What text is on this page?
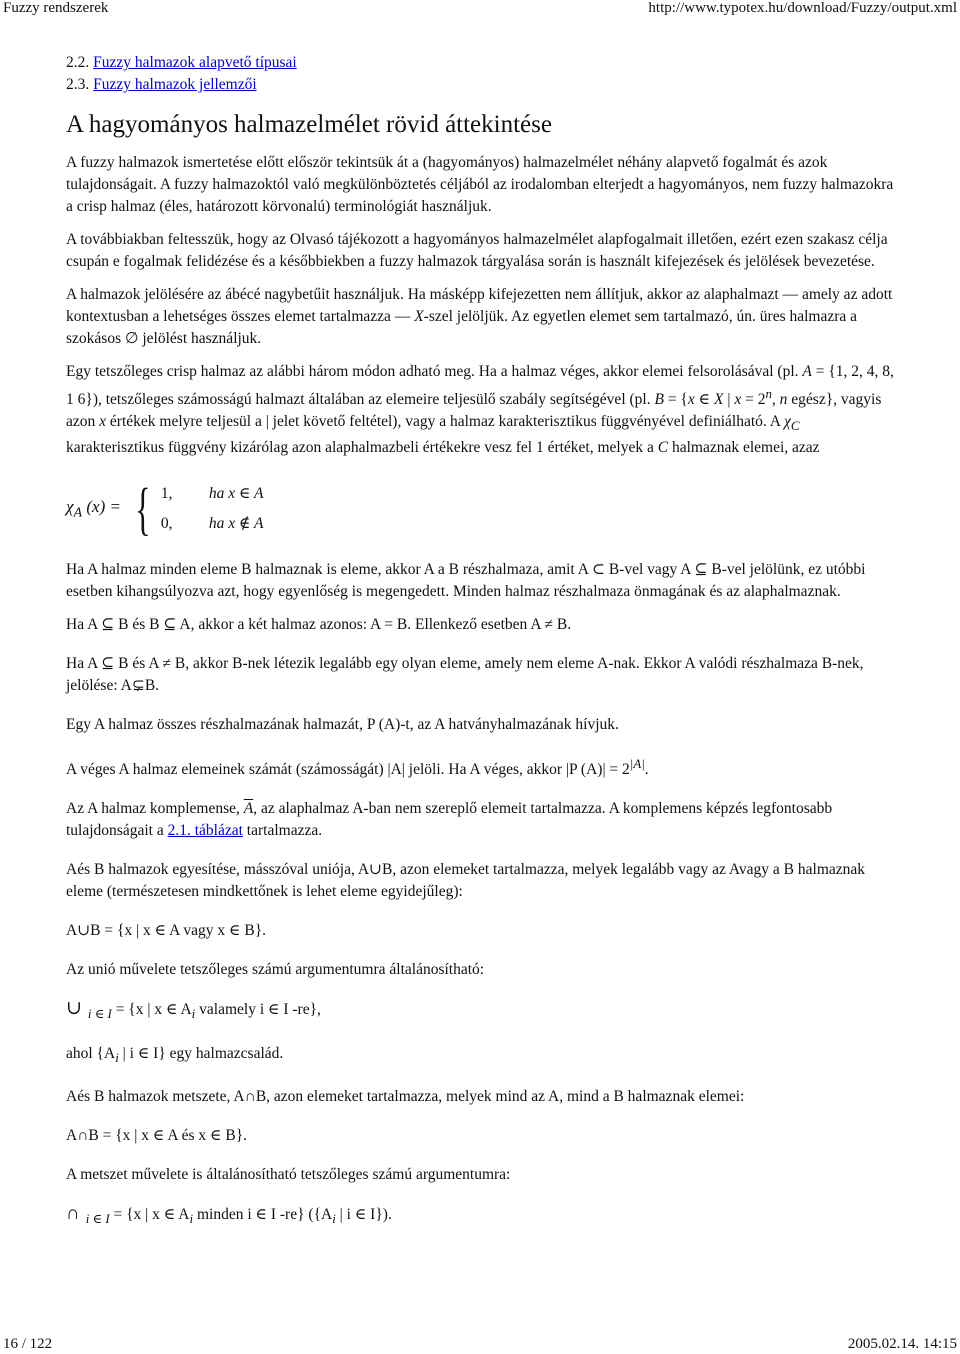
Fuzzy rendszerek	http://www.typotex.hu/download/Fuzzy/output.xml
2.2. Fuzzy halmazok alapvető típusai
2.3. Fuzzy halmazok jellemzői
A hagyományos halmazelmélet rövid áttekintése

A fuzzy halmazok ismertetése előtt először tekintsük át a (hagyományos) halmazelmélet néhány alapvető fogalmát és azok tulajdonságait. A fuzzy halmazoktól való megkülönböztetés céljából az irodalomban elterjedt a hagyományos, nem fuzzy halmazokra a crisp halmaz (éles, határozott körvonalú) terminológiát használjuk.

A továbbiakban feltesszük, hogy az Olvasó tájékozott a hagyományos halmazelmélet alapfogalmait illetően, ezért ezen szakasz célja csupán e fogalmak felidézése és a későbbiekben a fuzzy halmazok tárgyalása során is használt kifejezések és jelölések bevezetése.

A halmazok jelölésére az ábécé nagybetűit használjuk. Ha másképp kifejezetten nem állítjuk, akkor az alaphalmazt — amely az adott kontextusban a lehetséges összes elemet tartalmazza — X-szel jelöljük. Az egyetlen elemet sem tartalmazó, ún. üres halmazra a szokásos ∅ jelölést használjuk.

Egy tetszőleges crisp halmaz az alábbi három módon adható meg. Ha a halmaz véges, akkor elemei felsorolásával (pl. A = {1, 2, 4, 8, 1 6}), tetszőleges számosságú halmazt általában az elemeire teljesülő szabály segítségével (pl. B = {x ∈ X | $x = 2^n$, n egész}, vagyis azon x értékek melyre teljesül a | jelet követő feltétel), vagy a halmaz karakterisztikus függvényével definiálható. A $\chi_C$ karakterisztikus függvény kizárólag azon alaphalmazbeli értékekre vesz fel 1 értéket, melyek a C halmaznak elemei, azaz

$\chi_A$ (x) = { 1,	ha x ∈ A
0,	ha x ∉ A

Ha A halmaz minden eleme B halmaznak is eleme, akkor A a B részhalmaza, amit A ⊂ B-vel vagy A ⊆ B-vel jelölünk, ez utóbbi esetben kihangsúlyozva azt, hogy egyenlőség is megengedett. Minden halmaz részhalmaza önmagának és az alaphalmaznak.

Ha A ⊆ B és B ⊆ A, akkor a két halmaz azonos: A = B. Ellenkező esetben A ≠ B.

Ha A ⊆ B és A ≠ B, akkor B-nek létezik legalább egy olyan eleme, amely nem eleme A-nak. Ekkor A valódi részhalmaza B-nek, jelölése: A⊊B.

Egy A halmaz összes részhalmazának halmazát, P (A)-t, az A hatványhalmazának hívjuk.

A véges A halmaz elemeinek számát (számosságát) |A| jelöli. Ha A véges, akkor |P $(A)| = 2^{|A|}$.

Az A halmaz komplemense, $\overline{A}$, az alaphalmaz A-ban nem szereplő elemeit tartalmazza. A komplemens képzés legfontosabb tulajdonságait a 2.1. táblázat tartalmazza.

Aés B halmazok egyesítése, másszóval uniója, A∪B, azon elemeket tartalmazza, melyek legalább vagy az Avagy a B halmaznak eleme (természetesen mindkettőnek is lehet eleme egyidejűleg):

A∪B = {x | x ∈ A vagy x ∈ B}.

Az unió művelete tetszőleges számú argumentumra általánosítható:

∪ $_{i \in I}$ = {x | x ∈ $A_i$ valamely i ∈ I -re},

ahol {$A_i$ | i ∈ I} egy halmazcsalád.

Aés B halmazok metszete, A∩B, azon elemeket tartalmazza, melyek mind az A, mind a B halmaznak elemei:

A∩B = {x | x ∈ A és x ∈ B}.

A metszet művelete is általánosítható tetszőleges számú argumentumra:

∩ $_{i \in I}$ = {x | x ∈ $A_i$ minden i ∈ I -re} ({$A_i$ | i ∈ I}).

16 / 122	2005.02.14. 14:15
